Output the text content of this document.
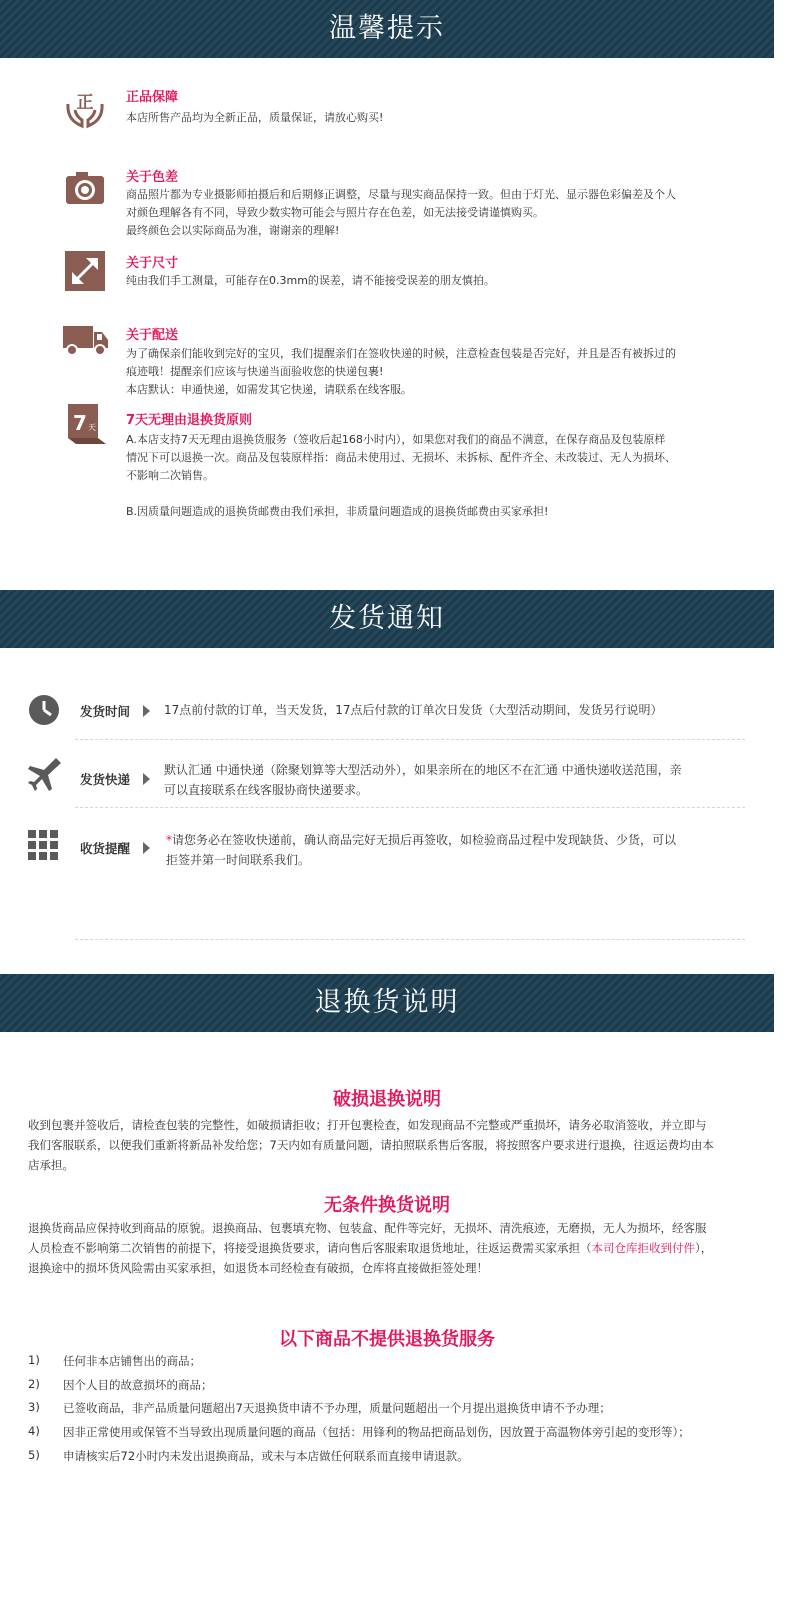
温馨提示
正	正品保障
本店所售产品均为全新正品，质量保证，请放心购买!
关于色差
商品照片都为专业摄影师拍摄后和后期修正调整，尽量与现实商品保持一致。但由于灯光、显示器色彩偏差及个人
对颜色理解各有不同，导致少数实物可能会与照片存在色差，如无法接受请谨慎购买。
最终颜色会以实际商品为准，谢谢亲的理解!
关于尺寸
纯由我们手工测量，可能存在0.3mm的误差，请不能接受误差的朋友慎拍。
关于配送
为了确保亲们能收到完好的宝贝，我们提醒亲们在签收快递的时候，注意检查包装是否完好，并且是否有被拆过的
痕迹哦！提醒亲们应该与快递当面验收您的快递包裹!
本店默认：申通快递，如需发其它快递，请联系在线客服。
7 天 7天无理由退换货原则
A.本店支持7天无理由退换货服务（签收后起168小时内），如果您对我们的商品不满意，在保存商品及包装原样
情况下可以退换一次。商品及包装原样指：商品未使用过、无损坏、未拆标、配件齐全、未改装过、无人为损坏、
不影响二次销售。
B.因质量问题造成的退换货邮费由我们承担，非质量问题造成的退换货邮费由买家承担!
发货通知
发货时间	17点前付款的订单，当天发货，17点后付款的订单次日发货（大型活动期间，发货另行说明）
发货快递
默认汇通 中通快递（除聚划算等大型活动外），如果亲所在的地区不在汇通 中通快递收送范围，亲
可以直接联系在线客服协商快递要求。
收货提醒
*请您务必在签收快递前，确认商品完好无损后再签收，如检验商品过程中发现缺货、少货，可以
拒签并第一时间联系我们。
退换货说明
破损退换说明
收到包裹并签收后，请检查包装的完整性，如破损请拒收；打开包裹检查，如发现商品不完整或严重损坏，请务必取消签收，并立即与
我们客服联系，以便我们重新将新品补发给您；7天内如有质量问题，请拍照联系售后客服，将按照客户要求进行退换，往返运费均由本
店承担。
无条件换货说明
退换货商品应保持收到商品的原貌。退换商品、包裹填充物、包装盒、配件等完好，无损坏、清洗痕迹，无磨损，无人为损坏，经客服
人员检查不影响第二次销售的前提下，将接受退换货要求，请向售后客服索取退货地址，往返运费需买家承担（本司仓库拒收到付件），
退换途中的损坏货风险需由买家承担，如退货本司经检查有破损，仓库将直接做拒签处理！
以下商品不提供退换货服务
1) 任何非本店铺售出的商品；
2) 因个人目的故意损坏的商品；
3) 已签收商品，非产品质量问题超出7天退换货申请不予办理，质量问题超出一个月提出退换货申请不予办理；
4) 因非正常使用或保管不当导致出现质量问题的商品（包括：用锋利的物品把商品划伤，因放置于高温物体旁引起的变形等）；
5) 申请核实后72小时内未发出退换商品，或未与本店做任何联系而直接申请退款。
